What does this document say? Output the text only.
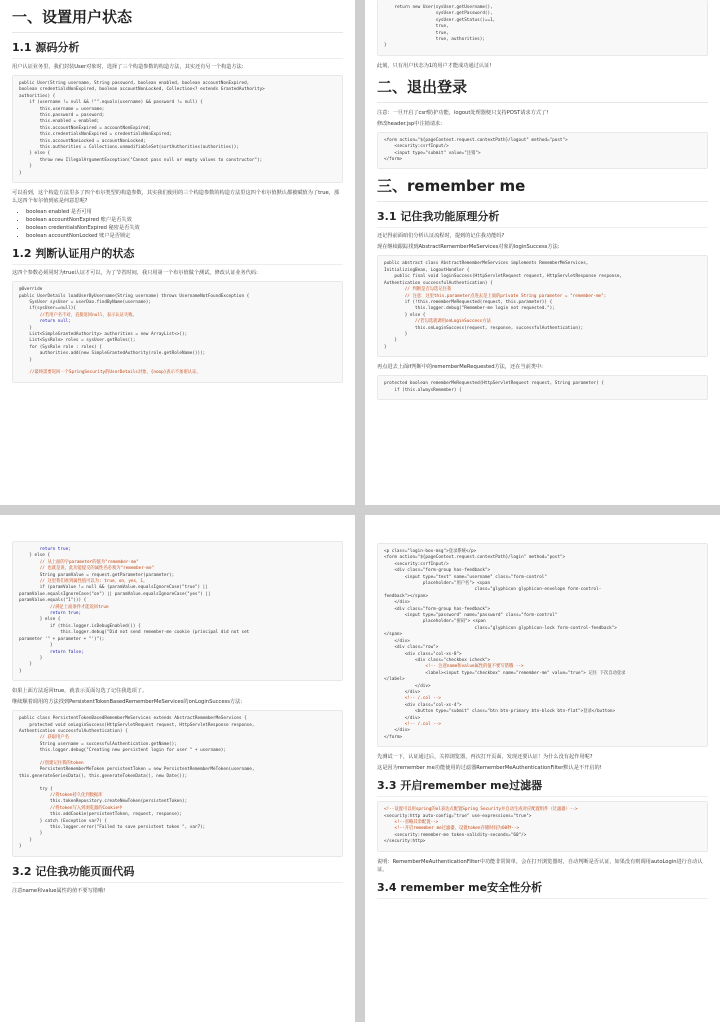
一、设置用户状态
1.1 源码分析

用户认证业务里，我们封装User对象时，选择了三个构造参数的构造方法，其实还有另一个构造方法:

public User(String username, String password, boolean enabled, boolean accountNonExpired,
boolean credentialsNonExpired, boolean accountNonLocked, Collection<? extends GrantedAuthority>
authorities) {
if (username != null && !"".equals(username) && password != null) {
this.username = username;
this.password = password;
this.enabled = enabled;
this.accountNonExpired = accountNonExpired;
this.credentialsNonExpired = credentialsNonExpired;
this.accountNonLocked = accountNonLocked;
this.authorities = Collections.unmodifiableSet(sortAuthorities(authorities));
} else {
throw new IllegalArgumentException("Cannot pass null or empty values to constructor");
}
}

可以看到，这个构造方法里多了四个布尔类型的构造参数，其实我们使用的三个构造参数的构造方法里这四个布尔值默认都被赋值为了true，那么这四个布尔值到底是何意思呢?

• boolean enabled 是否可用
• boolean accountNonExpired 账户是否失效
• boolean credentialsNonExpired 秘密是否失效
• boolean accountNonLocked 账户是否锁定
1.2 判断认证用户的状态

这四个参数必须同时为true认证才可以，为了节省时间，我只用第一个布尔值做个测试，修改认证业务代码:

@Override
public UserDetails loadUserByUsername(String username) throws UsernameNotFoundException {
SysUser sysUser = userDao.findByName(username);
if(sysUser==null){
//若用户名不对，直接返回null，表示认证失败。
return null;
}
List<SimpleGrantedAuthority> authorities = new ArrayList<>();
List<SysRole> roles = sysUser.getRoles();
for (SysRole role : roles) {
authorities.add(new SimpleGrantedAuthority(role.getRoleName()));
}
//最终需要返回一个SpringSecurity的UserDetails对象，{noop}表示不加密认证。
return new User(sysUser.getUsername(),
sysUser.getPassword(),
sysUser.getStatus()==1,
true,
true,
true, authorities);
}

此刻，只有用户状态为1的用户才能成功通过认证!

二、退出登录

注意：一旦开启了csrf防护功能，logout处理器便只支持POST请求方式了!

修改header.jsp中注销请求:

<form action="${pageContext.request.contextPath}/logout" method="post">
<security:csrfInput/>
<input type="submit" value="注销">
</form>
三、remember me
3.1 记住我功能原理分析

还记得前面咱们分析认证流程时，提到的记住我功能吗?

现在继续跟踪找到AbstractRememberMeServices对象的loginSuccess方法:

public abstract class AbstractRememberMeServices implements RememberMeServices,
InitializingBean, LogoutHandler {
public final void loginSuccess(HttpServletRequest request, HttpServletResponse response,
Authentication successfulAuthentication) {
// 判断是否勾选记住我
// 注意：这里this.parameter点进去是上面的private String parameter = "remember-me";
if (!this.rememberMeRequested(request, this.parameter)) {
this.logger.debug("Remember-me login not requested.");
} else {
//若勾选就调用onLoginSuccess方法
this.onLoginSuccess(request, response, successfulAuthentication);
}
}
}

再点进去上面if判断中的rememberMeRequested方法，还在当前类中:

protected boolean rememberMeRequested(HttpServletRequest request, String parameter) {
if (this.alwaysRemember) {
return true;
} else {
// 从上面的字parameter的值为"remember-me"
// 也就是说，此功能提交的属性名必须为"remember-me"
String paramValue = request.getParameter(parameter);
// 这里我们看到属性值可以为: true，on，yes，1。
if (paramValue != null && (paramValue.equalsIgnoreCase("true") ||
paramValue.equalsIgnoreCase("on") || paramValue.equalsIgnoreCase("yes") ||
paramValue.equals("1"))) {
//满足上面条件才能返回true
return true;
} else {
if (this.logger.isDebugEnabled()) {
this.logger.debug("Did not send remember-me cookie (principal did not set
parameter '" + parameter + "')");
}
return false;
}
}
}

如果上面方法返回true，就表示页面勾选了记住我选项了。

继续顺着调用的方法找到PersistentTokenBasedRememberMeServices的onLoginSuccess方法:

public class PersistentTokenBasedRememberMeServices extends AbstractRememberMeServices {
protected void onLoginSuccess(HttpServletRequest request, HttpServletResponse response,
Authentication successfulAuthentication) {
// 获取用户名
String username = successfulAuthentication.getName();
this.logger.debug("Creating new persistent login for user " + username);
//创建记住我的token
PersistentRememberMeToken persistentToken = new PersistentRememberMeToken(username,
this.generateSeriesData(), this.generateTokenData(), new Date());
try {
//将token持久化到数据库
this.tokenRepository.createNewToken(persistentToken);
//将token写入到浏览器的Cookie中
this.addCookie(persistentToken, request, response);
} catch (Exception var7) {
this.logger.error("Failed to save persistent token ", var7);
}
}
}
3.2 记住我功能页面代码

注意name和value属性的值不要写错哦!

<p class="login-box-msg">登录系统</p>
<form action="${pageContext.request.contextPath}/login" method="post">
<security:csrfInput/>
<div class="form-group has-feedback">
<input type="text" name="username" class="form-control"
placeholder="用户名"> <span
class="glyphicon glyphicon-envelope form-control-
feedback"></span>
</div>
<div class="form-group has-feedback">
<input type="password" name="password" class="form-control"
placeholder="密码"> <span
class="glyphicon glyphicon-lock form-control-feedback">
</span>
</div>
<div class="row">
<div class="col-xs-8">
<div class="checkbox icheck">
<!-- 注意name和value属性的值不要写错哦 -->
<label><input type="checkbox" name="remember-me" value="true"> 记住 下次自动登录
</label>
</div>
</div>
<!-- /.col -->
<div class="col-xs-4">
<button type="submit" class="btn btn-primary btn-block btn-flat">登录</button>
</div>
<!-- /.col -->
</div>
</form>

先测试一下，认证通过后，关掉浏览器，再次打开页面，发现还要认证！为什么没有起作用呢?

这是因为remember me功能使用的过滤器RememberMeAuthenticationFilter默认是不开启的!

3.3 开启remember me过滤器
<!--设置可以用spring的el表达式配置Spring Security并自动生成对应配置组件（过滤器）-->
<security:http auto-config="true" use-expressions="true">
<!--省略其余配置-->
<!--开启remember me过滤器，设置token存储时间为60秒-->
<security:remember-me token-validity-seconds="60"/>
</security:http>

说明：RememberMeAuthenticationFilter中功能非常简单，会在打开浏览器时，自动判断是否认证，如果没有则调用autoLogin进行自动认证。

3.4 remember me安全性分析
